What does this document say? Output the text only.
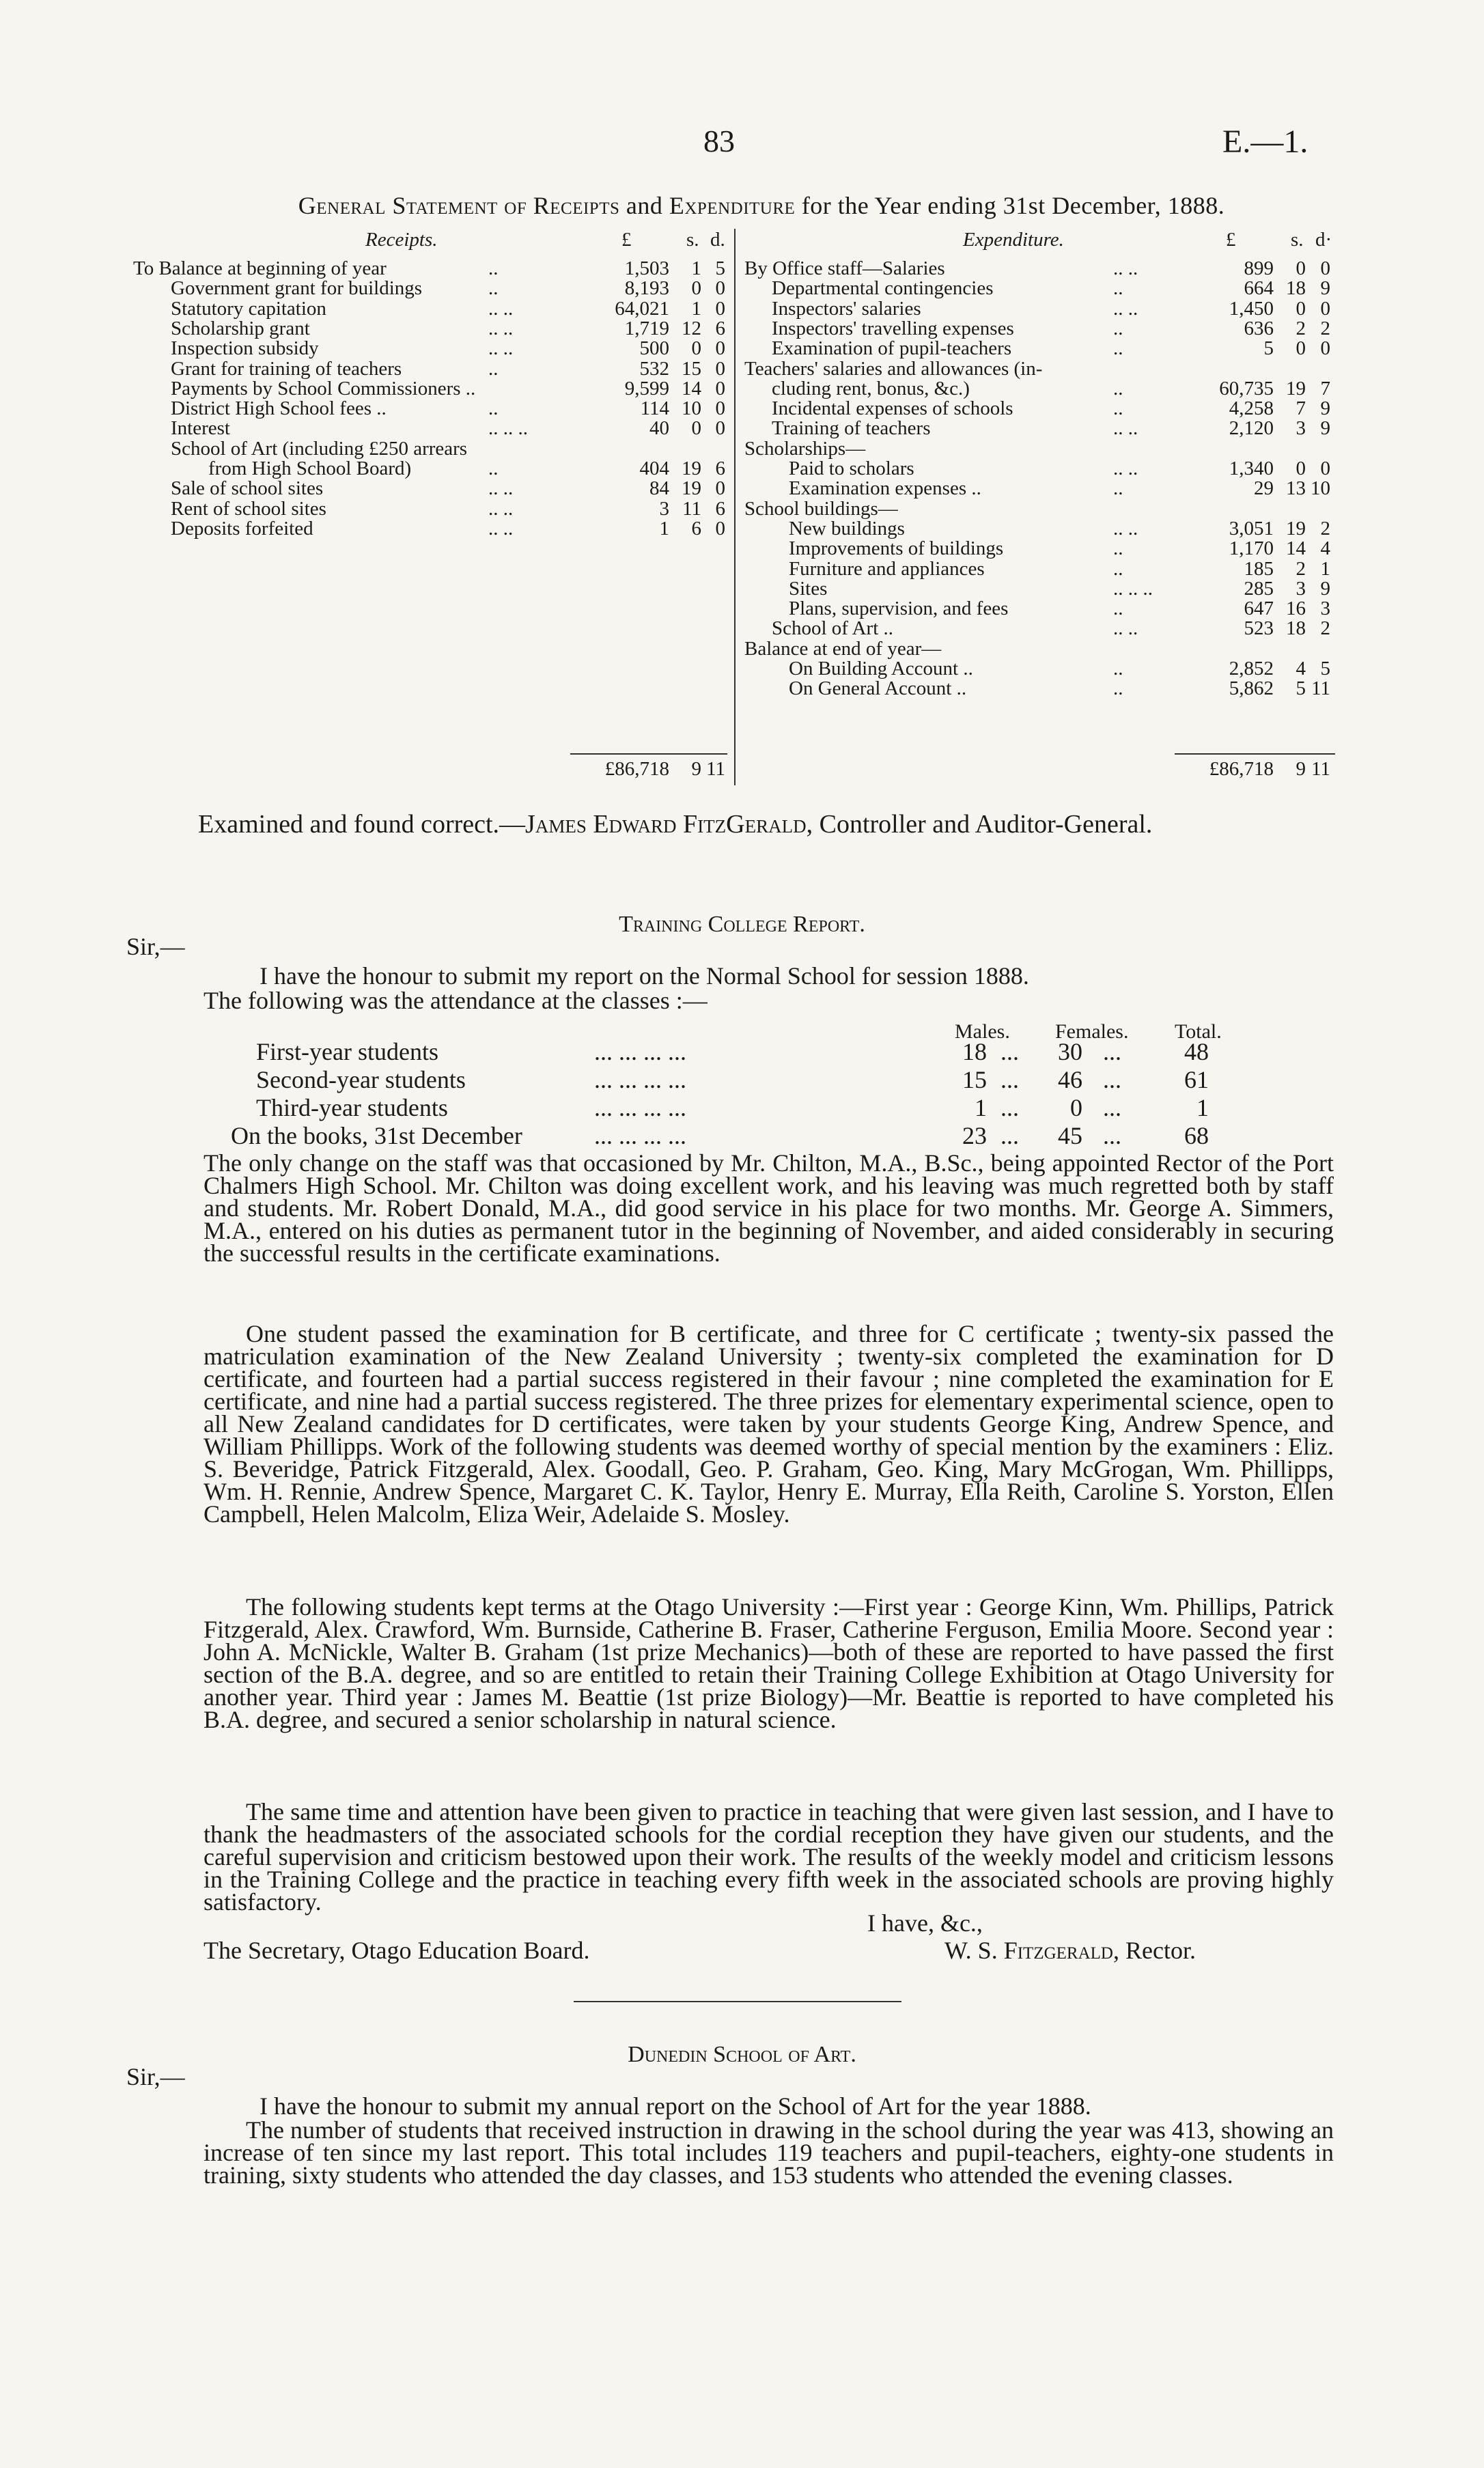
83	E.—1.
General Statement of Receipts and Expenditure for the Year ending 31st December, 1888.
Receipts.	£	s. d.
To Balance at beginning of year	..	1,503	1 5
Government grant for buildings	..	8,193	0 0
Statutory capitation	.. ..	64,021	1 0
Scholarship grant	.. ..	1,719 12 6
Inspection subsidy	.. ..	500	0 0
Grant for training of teachers	..	532 15 0
Payments by School Commissioners ..	9,599 14 0
District High School fees ..	..	114 10 0
Interest	.. .. ..	40	0 0
School of Art (including £250 arrears
from High School Board)	..	404 19 6
Sale of school sites	.. ..	84 19 0
Rent of school sites	.. ..	3 11 6
Deposits forfeited	.. ..	1	6 0
£86,718	9 11
Expenditure.	£	s. d·
By Office staff—Salaries	.. ..	899	0 0
Departmental contingencies	..	664 18 9
Inspectors' salaries	.. ..	1,450	0 0
Inspectors' travelling expenses	..	636	2 2
Examination of pupil-teachers	..	5	0 0
Teachers' salaries and allowances (in-
cluding rent, bonus, &c.)	..	60,735 19 7
Incidental expenses of schools	..	4,258	7 9
Training of teachers	.. ..	2,120	3 9
Scholarships—
Paid to scholars	.. ..	1,340	0 0
Examination expenses ..	..	29 13 10
School buildings—
New buildings	.. ..	3,051 19 2
Improvements of buildings	..	1,170 14 4
Furniture and appliances	..	185	2 1
Sites	.. .. ..	285	3 9
Plans, supervision, and fees	..	647 16 3
School of Art ..	.. ..	523 18 2
Balance at end of year—
On Building Account ..	..	2,852	4 5
On General Account ..	..	5,862	5 11
£86,718	9 11
Examined and found correct.—James Edward FitzGerald, Controller and Auditor-General.
Training College Report.
Sir,—
I have the honour to submit my report on the Normal School for session 1888.
The following was the attendance at the classes :—
Males. Females. Total.
First-year students	... ... ... ...	18 ...	30 ...	48
Second-year students	... ... ... ...	15 ...	46 ...	61
Third-year students	... ... ... ...	1 ...	0 ...	1
On the books, 31st December	... ... ... ...	23 ...	45 ...	68
The only change on the staff was that occasioned by Mr. Chilton, M.A., B.Sc., being appointed Rector of the Port Chalmers High School. Mr. Chilton was doing excellent work, and his leaving was much regretted both by staff and students. Mr. Robert Donald, M.A., did good service in his place for two months. Mr. George A. Simmers, M.A., entered on his duties as permanent tutor in the beginning of November, and aided considerably in securing the successful results in the certificate examinations.
One student passed the examination for B certificate, and three for C certificate ; twenty-six passed the matriculation examination of the New Zealand University ; twenty-six completed the examination for D certificate, and fourteen had a partial success registered in their favour ; nine completed the examination for E certificate, and nine had a partial success registered. The three prizes for elementary experimental science, open to all New Zealand candidates for D certificates, were taken by your students George King, Andrew Spence, and William Phillipps. Work of the following students was deemed worthy of special mention by the examiners : Eliz. S. Beveridge, Patrick Fitzgerald, Alex. Goodall, Geo. P. Graham, Geo. King, Mary McGrogan, Wm. Phillipps, Wm. H. Rennie, Andrew Spence, Margaret C. K. Taylor, Henry E. Murray, Ella Reith, Caroline S. Yorston, Ellen Campbell, Helen Malcolm, Eliza Weir, Adelaide S. Mosley.
The following students kept terms at the Otago University :—First year : George Kinn, Wm. Phillips, Patrick Fitzgerald, Alex. Crawford, Wm. Burnside, Catherine B. Fraser, Catherine Ferguson, Emilia Moore. Second year : John A. McNickle, Walter B. Graham (1st prize Mechanics)—both of these are reported to have passed the first section of the B.A. degree, and so are entitled to retain their Training College Exhibition at Otago University for another year. Third year : James M. Beattie (1st prize Biology)—Mr. Beattie is reported to have completed his B.A. degree, and secured a senior scholarship in natural science.
The same time and attention have been given to practice in teaching that were given last session, and I have to thank the headmasters of the associated schools for the cordial reception they have given our students, and the careful supervision and criticism bestowed upon their work. The results of the weekly model and criticism lessons in the Training College and the practice in teaching every fifth week in the associated schools are proving highly satisfactory.
I have, &c.,
The Secretary, Otago Education Board.	W. S. Fitzgerald, Rector.
Dunedin School of Art.
Sir,—
I have the honour to submit my annual report on the School of Art for the year 1888.
The number of students that received instruction in drawing in the school during the year was 413, showing an increase of ten since my last report. This total includes 119 teachers and pupil-teachers, eighty-one students in training, sixty students who attended the day classes, and 153 students who attended the evening classes.
